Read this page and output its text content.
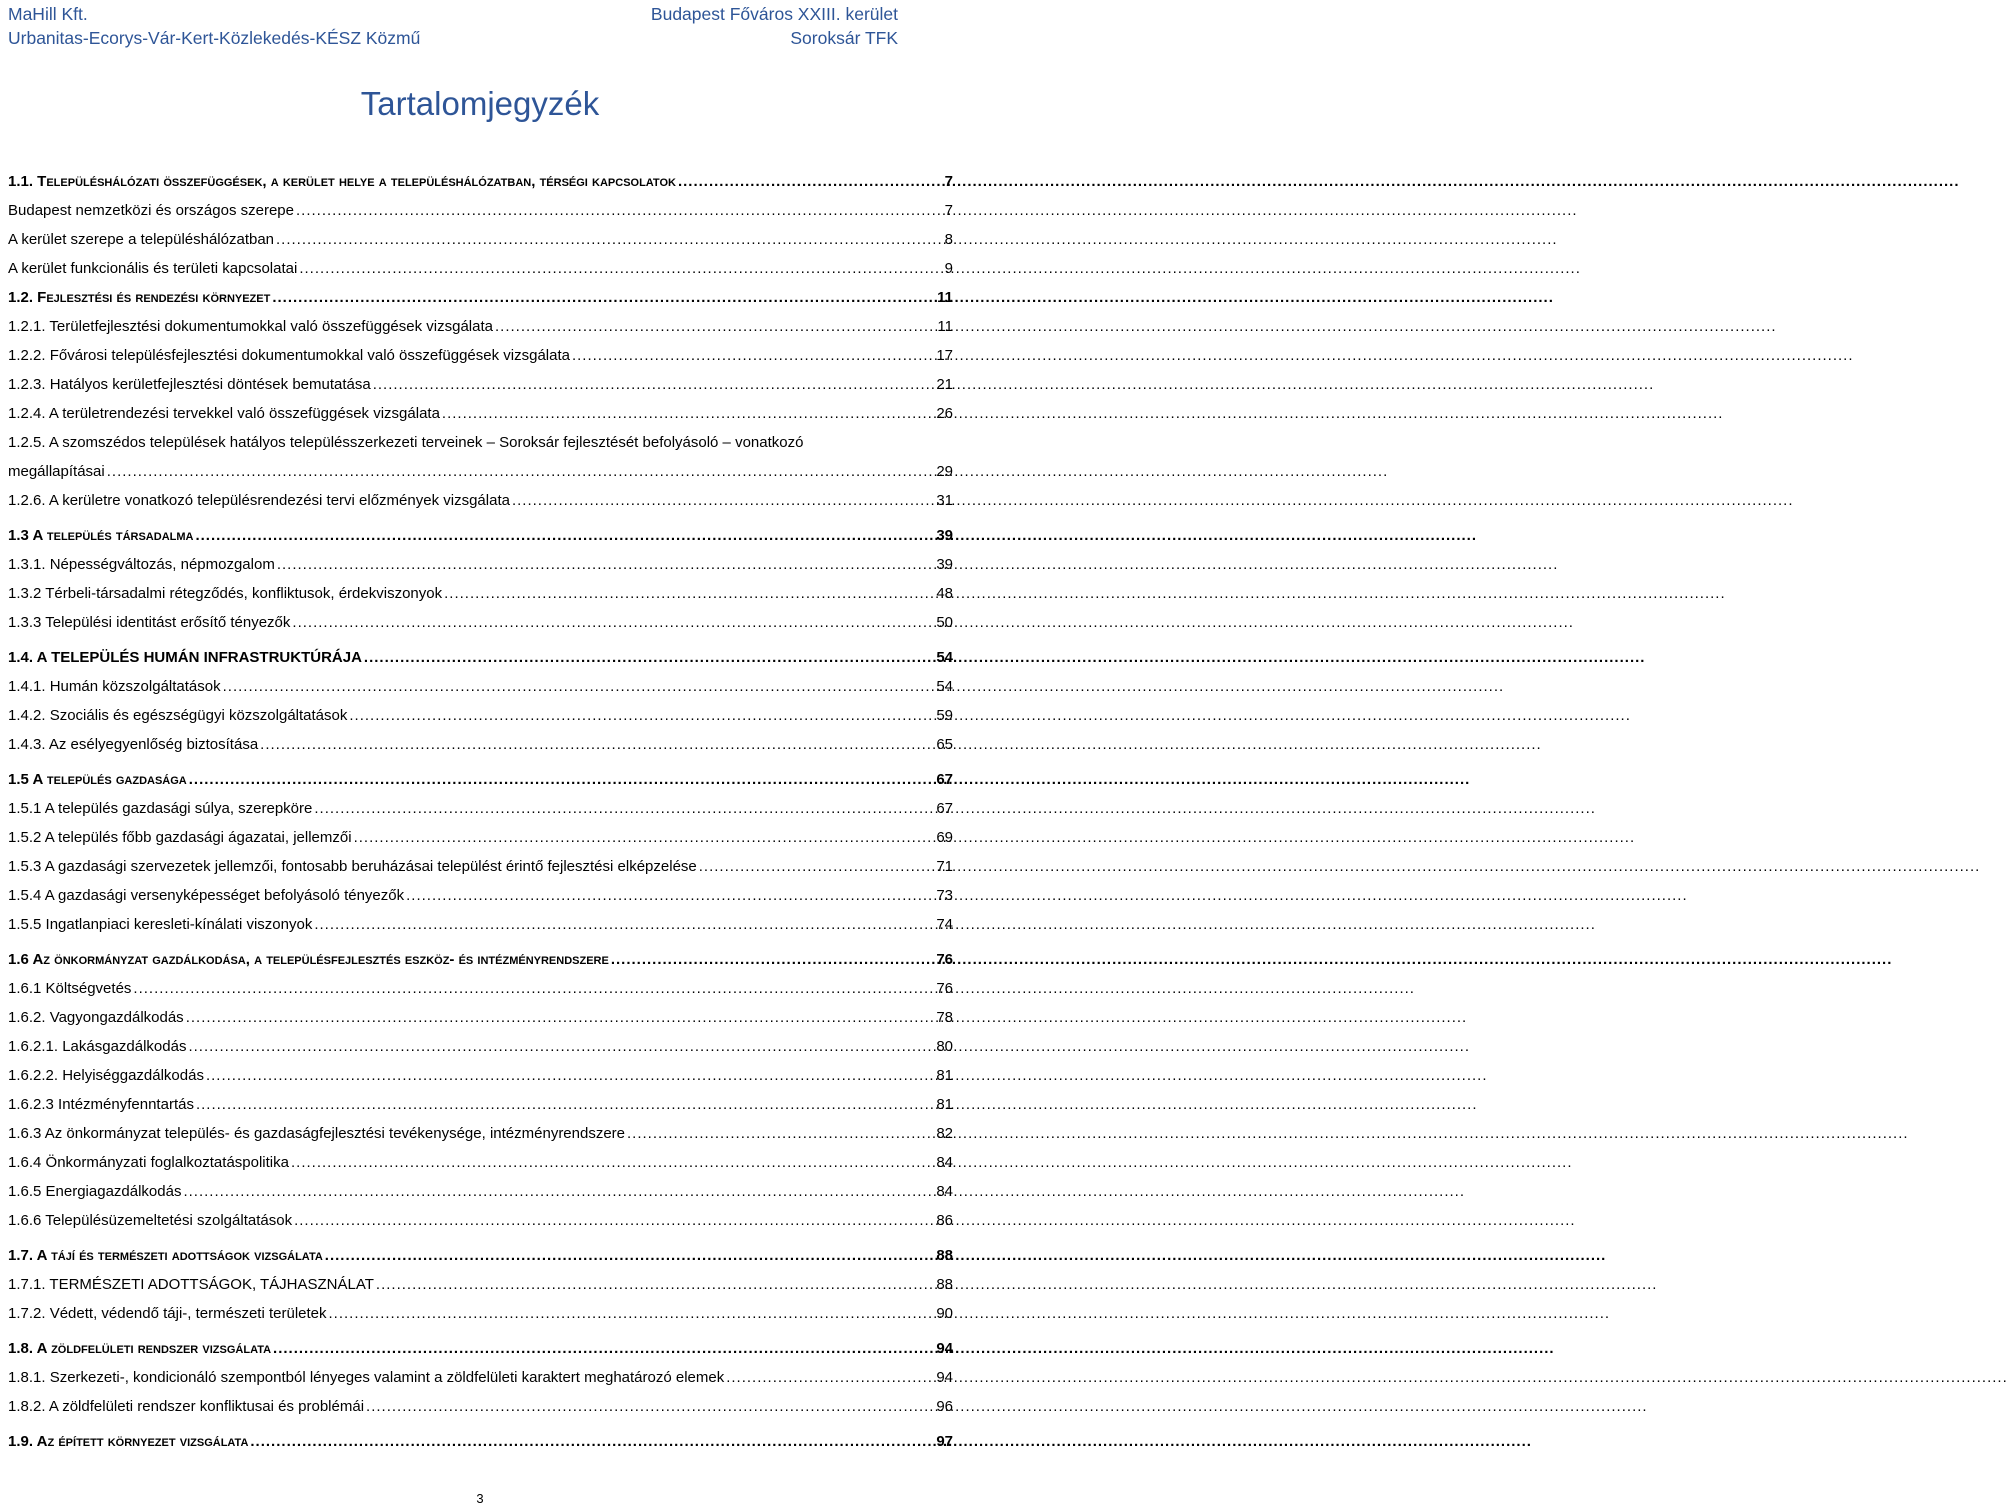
MaHill Kft.
Urbanitas-Ecorys-Vár-Kert-Közlekedés-KÉSZ Közmű
Budapest Főváros XXIII. kerület
Soroksár TFK
Tartalomjegyzék
1.1. Településhálózati összefüggések, a kerület helye a településhálózatban, térségi kapcsolatok .....	7
Budapest nemzetközi és országos szerepe .....	7
A kerület szerepe a településhálózatban .....	8
A kerület funkcionális és területi kapcsolatai .....	9
1.2. Fejlesztési és rendezési környezet .....	11
1.2.1. Területfejlesztési dokumentumokkal való összefüggések vizsgálata .....	11
1.2.2. Fővárosi településfejlesztési dokumentumokkal való összefüggések vizsgálata .....	17
1.2.3. Hatályos kerületfejlesztési döntések bemutatása .....	21
1.2.4. A területrendezési tervekkel való összefüggések vizsgálata .....	26
1.2.5. A szomszédos települések hatályos településszerkezeti terveinek – Soroksár fejlesztését befolyásoló – vonatkozó
megállapításai .....	29
1.2.6. A kerületre vonatkozó településrendezési tervi előzmények vizsgálata .....	31
1.3 A település társadalma .....	39
1.3.1. Népességváltozás, népmozgalom .....	39
1.3.2 Térbeli-társadalmi rétegződés, konfliktusok, érdekviszonyok .....	48
1.3.3 Települési identitást erősítő tényezők .....	50
1.4. A TELEPÜLÉS HUMÁN INFRASTRUKTÚRÁJA .....	54
1.4.1. Humán közszolgáltatások .....	54
1.4.2. Szociális és egészségügyi közszolgáltatások .....	59
1.4.3. Az esélyegyenlőség biztosítása .....	65
1.5 A település gazdasága .....	67
1.5.1 A település gazdasági súlya, szerepköre .....	67
1.5.2 A település főbb gazdasági ágazatai, jellemzői .....	69
1.5.3 A gazdasági szervezetek jellemzői, fontosabb beruházásai települést érintő fejlesztési elképzelése .....	71
1.5.4 A gazdasági versenyképességet befolyásoló tényezők .....	73
1.5.5 Ingatlanpiaci keresleti-kínálati viszonyok .....	74
1.6 Az önkormányzat gazdálkodása, a településfejlesztés eszköz- és intézményrendszere .....	76
1.6.1 Költségvetés .....	76
1.6.2. Vagyongazdálkodás .....	78
1.6.2.1. Lakásgazdálkodás .....	80
1.6.2.2. Helyiséggazdálkodás .....	81
1.6.2.3 Intézményfenntartás .....	81
1.6.3 Az önkormányzat település- és gazdaságfejlesztési tevékenysége, intézményrendszere .....	82
1.6.4 Önkormányzati foglalkoztatáspolitika .....	84
1.6.5 Energiagazdálkodás .....	84
1.6.6 Településüzemeltetési szolgáltatások .....	86
1.7. A tájí és természeti adottságok vizsgálata .....	88
1.7.1. TERMÉSZETI ADOTTSÁGOK, TÁJHASZNÁLAT .....	88
1.7.2. Védett, védendő táji-, természeti területek .....	90
1.8. A zöldfelületi rendszer vizsgálata .....	94
1.8.1. Szerkezeti-, kondicionáló szempontból lényeges valamint a zöldfelületi karaktert meghatározó elemek .....	94
1.8.2. A zöldfelületi rendszer konfliktusai és problémái .....	96
1.9. Az épített környezet vizsgálata .....	97
3
